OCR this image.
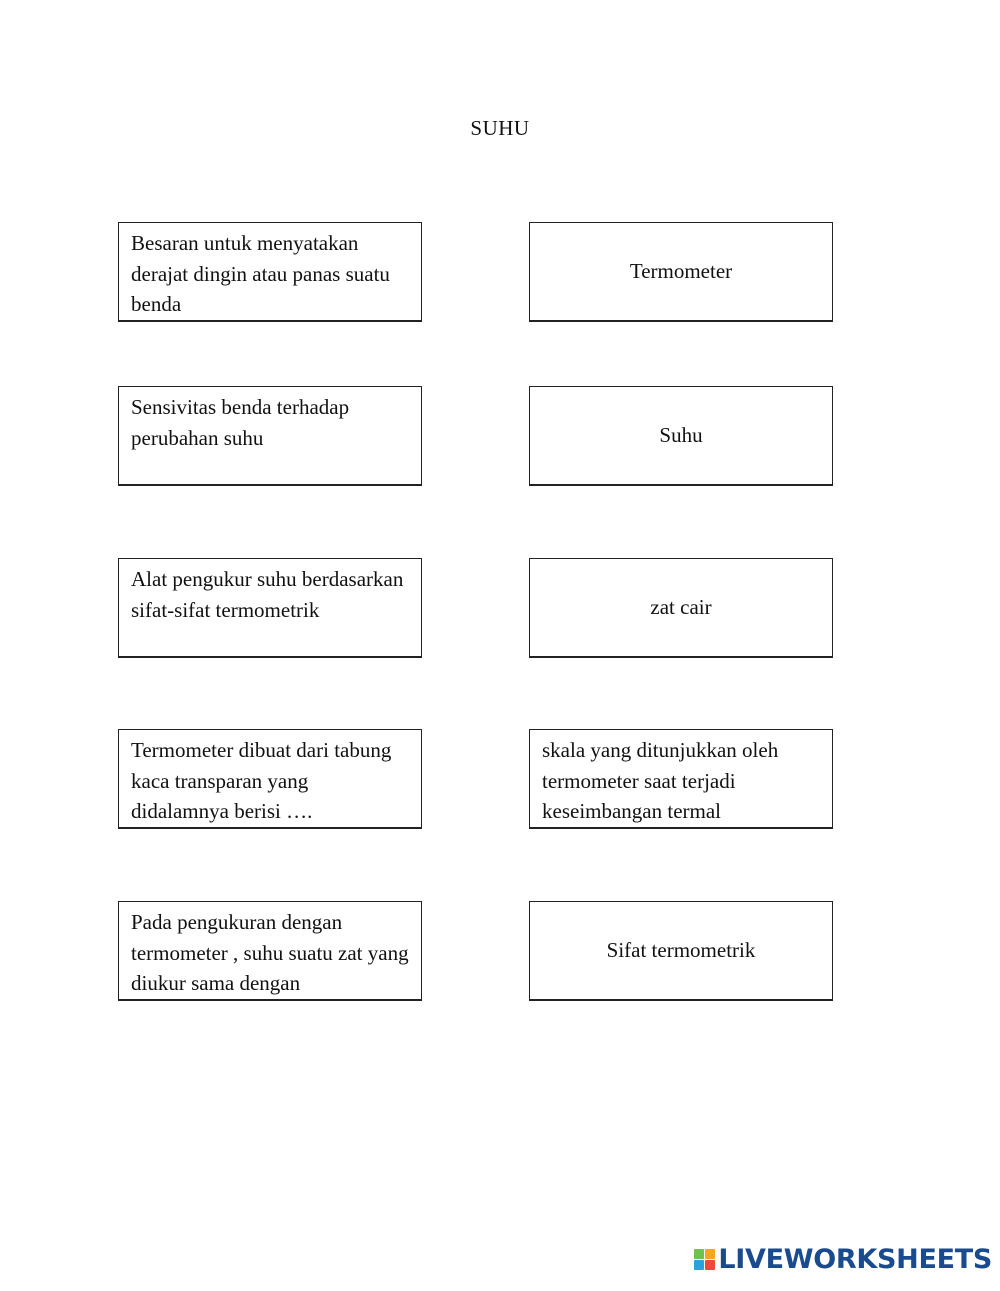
SUHU
Besaran untuk menyatakan derajat dingin atau panas suatu benda
Sensivitas benda terhadap perubahan suhu
Alat pengukur suhu berdasarkan sifat-sifat termometrik
Termometer dibuat dari tabung kaca transparan yang didalamnya berisi ….
Pada pengukuran dengan termometer , suhu suatu zat yang diukur sama dengan
Termometer
Suhu
zat cair
skala yang ditunjukkan oleh termometer saat terjadi keseimbangan termal
Sifat termometrik
LIVEWORKSHEETS
